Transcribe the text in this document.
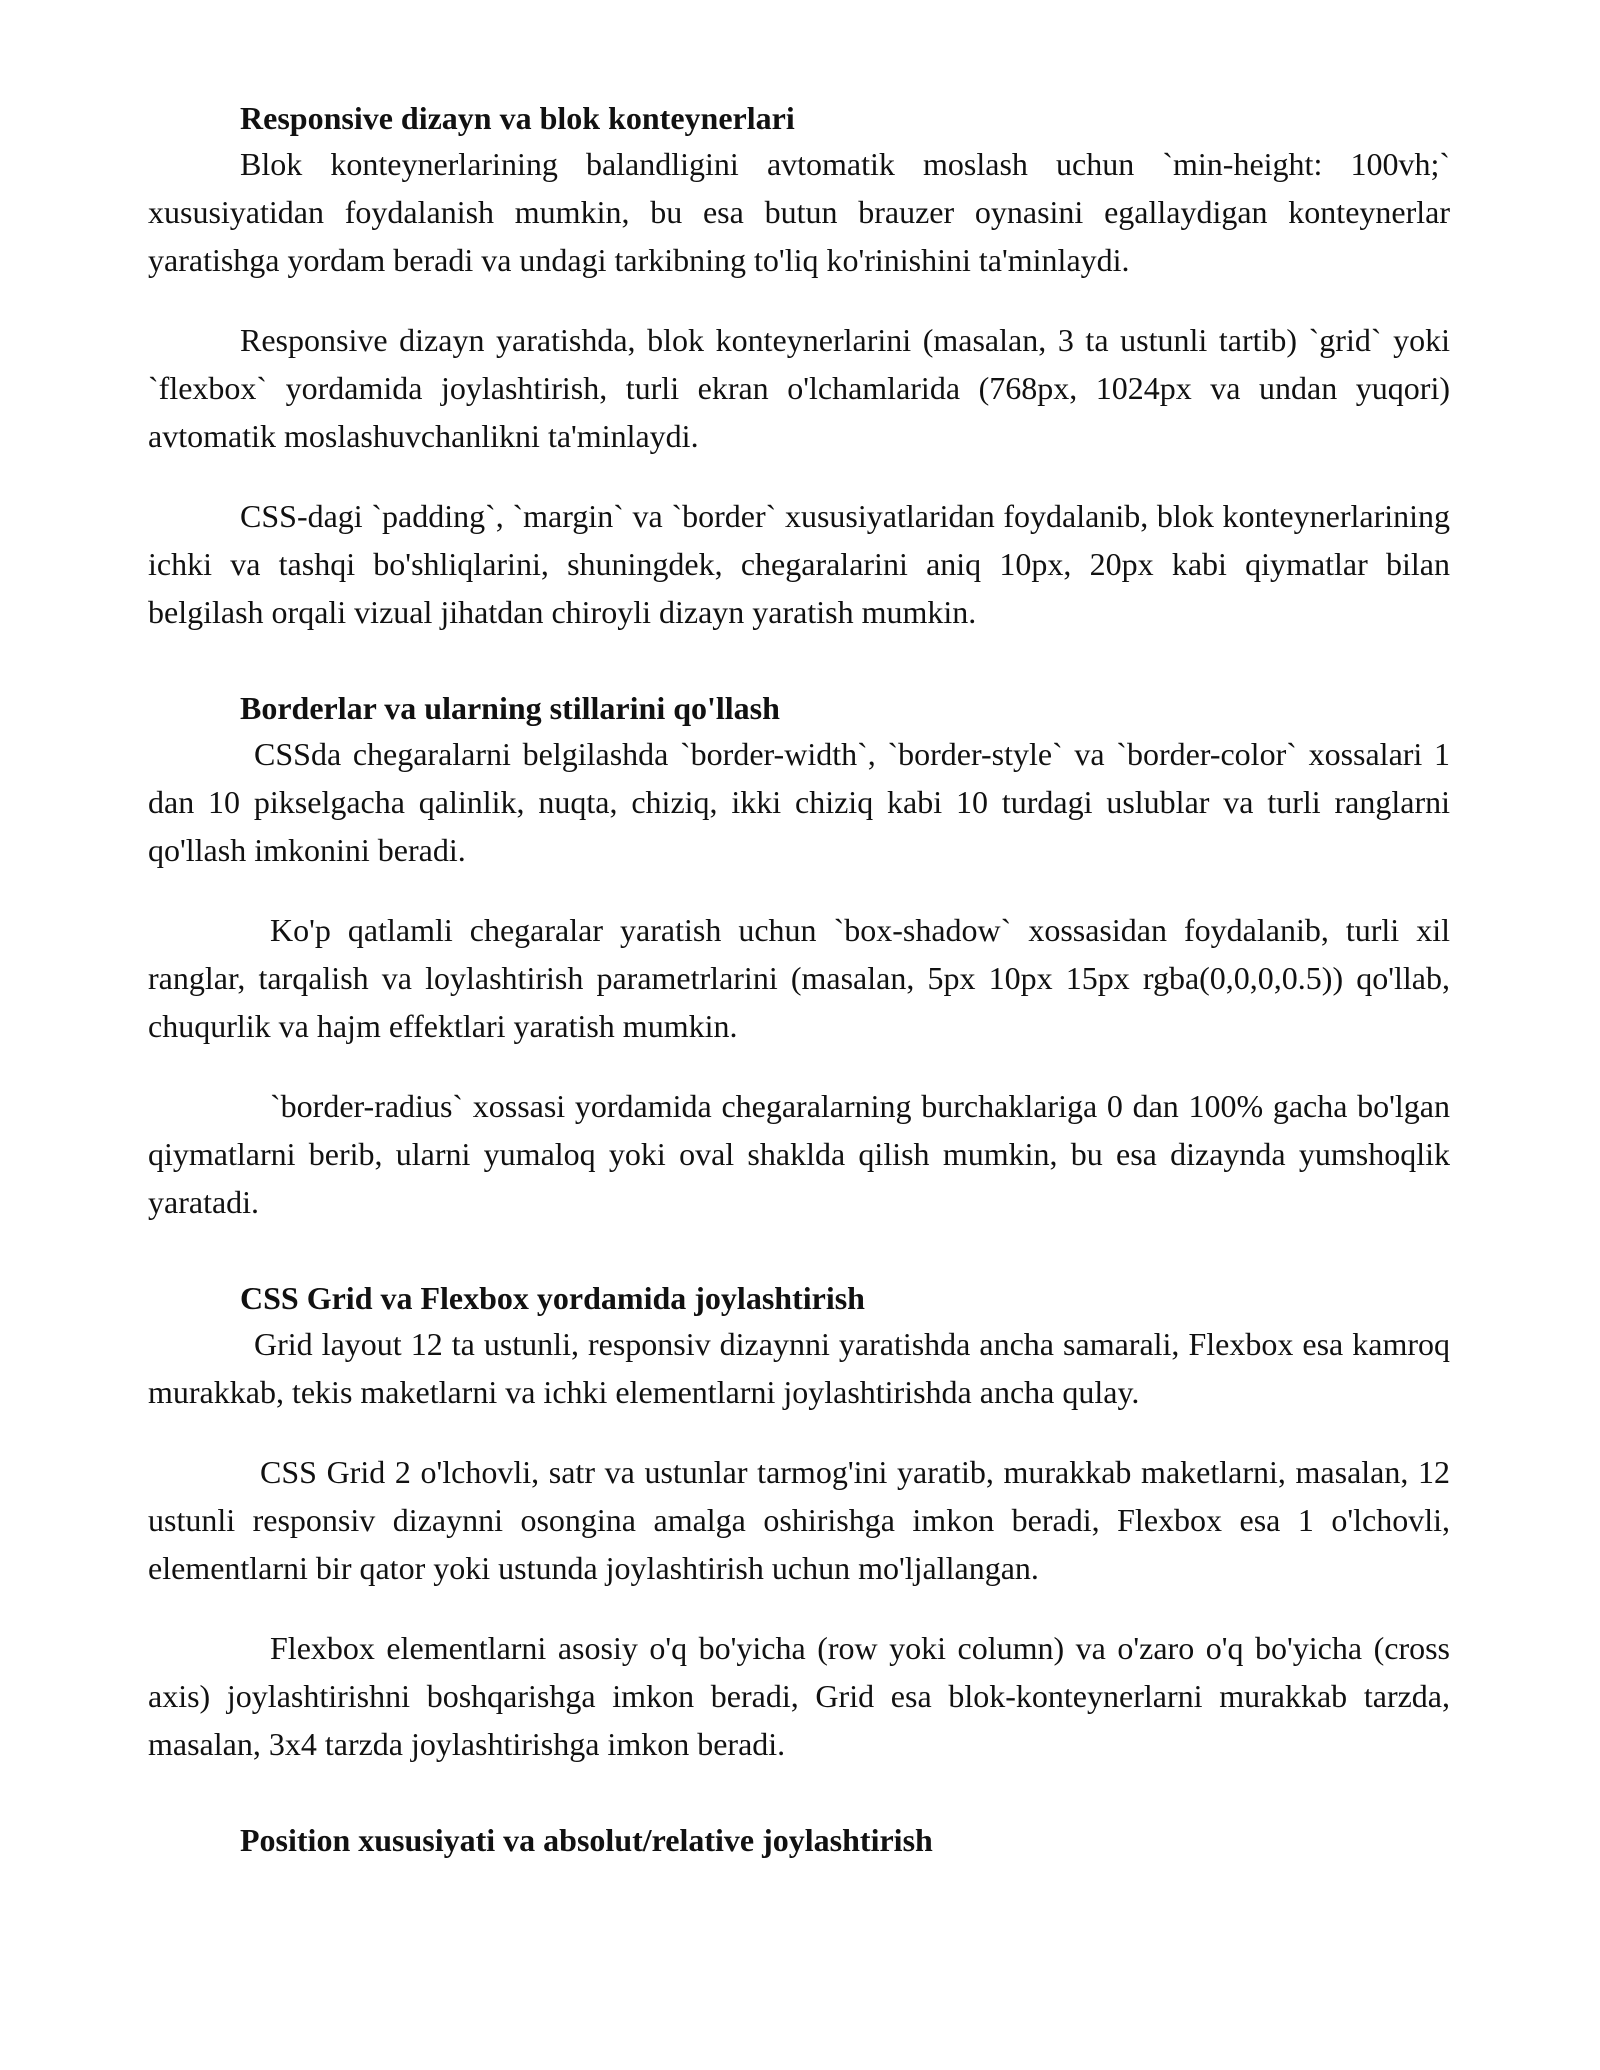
Responsive dizayn va blok konteynerlari

Blok konteynerlarining balandligini avtomatik moslash uchun `min-height: 100vh;` xususiyatidan foydalanish mumkin, bu esa butun brauzer oynasini egallaydigan konteynerlar yaratishga yordam beradi va undagi tarkibning to'liq ko'rinishini ta'minlaydi.

Responsive dizayn yaratishda, blok konteynerlarini (masalan, 3 ta ustunli tartib) `grid` yoki `flexbox` yordamida joylashtirish, turli ekran o'lchamlarida (768px, 1024px va undan yuqori) avtomatik moslashuvchanlikni ta'minlaydi.

CSS-dagi `padding`, `margin` va `border` xususiyatlaridan foydalanib, blok konteynerlarining ichki va tashqi bo'shliqlarini, shuningdek, chegaralarini aniq 10px, 20px kabi qiymatlar bilan belgilash orqali vizual jihatdan chiroyli dizayn yaratish mumkin.

Borderlar va ularning stillarini qo'llash

CSSda chegaralarni belgilashda `border-width`, `border-style` va `border-color` xossalari 1 dan 10 pikselgacha qalinlik, nuqta, chiziq, ikki chiziq kabi 10 turdagi uslublar va turli ranglarni qo'llash imkonini beradi.

Ko'p qatlamli chegaralar yaratish uchun `box-shadow` xossasidan foydalanib, turli xil ranglar, tarqalish va loylashtirish parametrlarini (masalan, 5px 10px 15px rgba(0,0,0,0.5)) qo'llab, chuqurlik va hajm effektlari yaratish mumkin.

`border-radius` xossasi yordamida chegaralarning burchaklariga 0 dan 100% gacha bo'lgan qiymatlarni berib, ularni yumaloq yoki oval shaklda qilish mumkin, bu esa dizaynda yumshoqlik yaratadi.

CSS Grid va Flexbox yordamida joylashtirish

Grid layout 12 ta ustunli, responsiv dizaynni yaratishda ancha samarali, Flexbox esa kamroq murakkab, tekis maketlarni va ichki elementlarni joylashtirishda ancha qulay.

CSS Grid 2 o'lchovli, satr va ustunlar tarmog'ini yaratib, murakkab maketlarni, masalan, 12 ustunli responsiv dizaynni osongina amalga oshirishga imkon beradi, Flexbox esa 1 o'lchovli, elementlarni bir qator yoki ustunda joylashtirish uchun mo'ljallangan.

Flexbox elementlarni asosiy o'q bo'yicha (row yoki column) va o'zaro o'q bo'yicha (cross axis) joylashtirishni boshqarishga imkon beradi, Grid esa blok-konteynerlarni murakkab tarzda, masalan, 3x4 tarzda joylashtirishga imkon beradi.

Position xususiyati va absolut/relative joylashtirish
